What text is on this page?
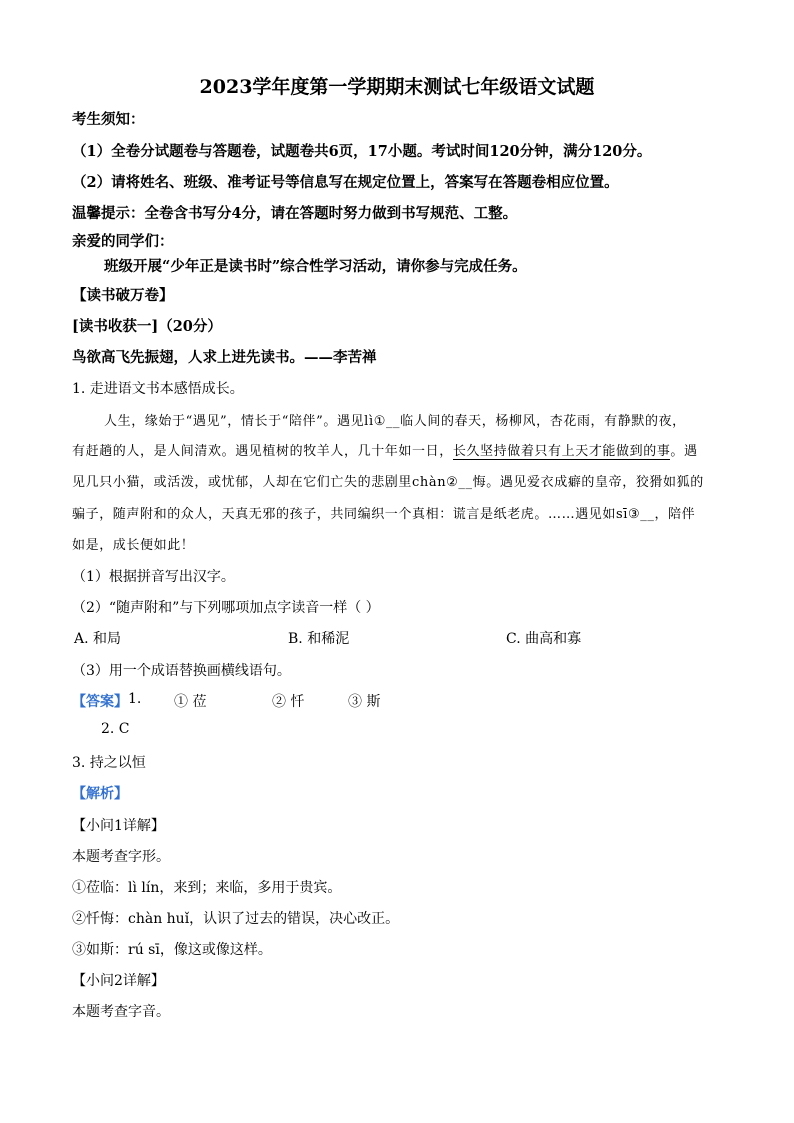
2023学年度第一学期期末测试七年级语文试题
考生须知：
（1）全卷分试题卷与答题卷，试题卷共6页，17小题。考试时间120分钟，满分120分。
（2）请将姓名、班级、准考证号等信息写在规定位置上，答案写在答题卷相应位置。
温馨提示：全卷含书写分4分，请在答题时努力做到书写规范、工整。
亲爱的同学们：
班级开展“少年正是读书时”综合性学习活动，请你参与完成任务。
【读书破万卷】
[读书收获一]（20分）
鸟欲高飞先振翅，人求上进先读书。——李苦禅
1. 走进语文书本感悟成长。
人生，缘始于“遇见”，情长于“陪伴”。遇见lì①__临人间的春天，杨柳风，杏花雨，有静默的夜，
有赶趟的人，是人间清欢。遇见植树的牧羊人，几十年如一日，长久坚持做着只有上天才能做到的事。遇
见几只小猫，或活泼，或忧郁，人却在它们亡失的悲剧里chàn②__悔。遇见爱衣成癖的皇帝，狡猾如狐的
骗子，随声附和的众人，天真无邪的孩子，共同编织一个真相：谎言是纸老虎。……遇见如sī③__，陪伴
如是，成长便如此！
（1）根据拼音写出汉字。
（2）“随声附和”与下列哪项加点字读音一样（ ）
A. 和局	B. 和稀泥	C. 曲高和寡
（3）用一个成语替换画横线语句。
【答案】 1. ① 莅	② 忏	③ 斯
2. C
3. 持之以恒
【解析】
【小问1详解】
本题考查字形。
①莅临：lì lín，来到；来临，多用于贵宾。
②忏悔：chàn huǐ，认识了过去的错误，决心改正。
③如斯：rú sī，像这或像这样。
【小问2详解】
本题考查字音。
